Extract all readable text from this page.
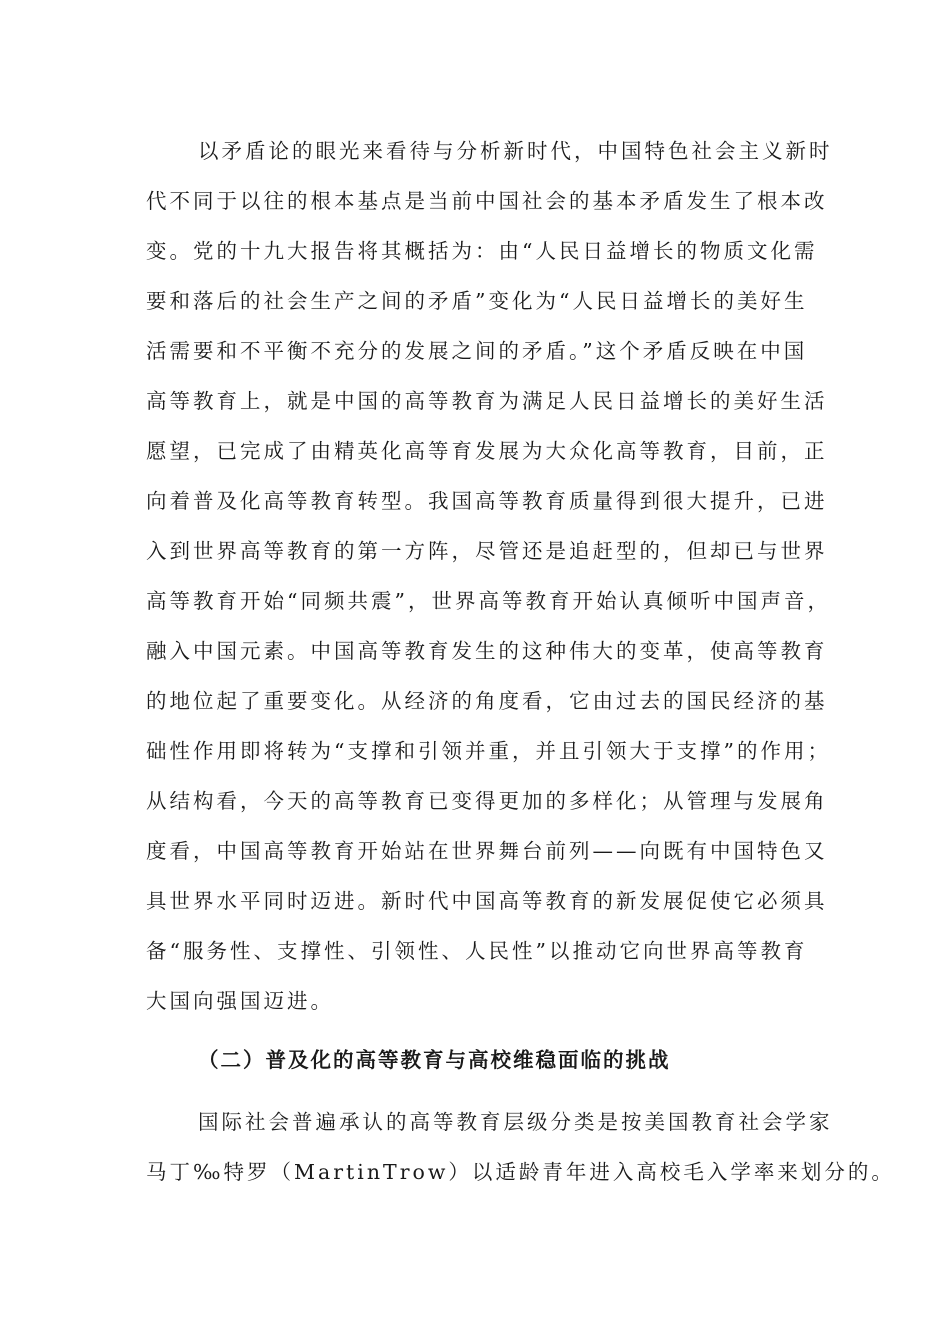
以矛盾论的眼光来看待与分析新时代，中国特色社会主义新时
代不同于以往的根本基点是当前中国社会的基本矛盾发生了根本改
变。党的十九大报告将其概括为：由“人民日益增长的物质文化需
要和落后的社会生产之间的矛盾”变化为“人民日益增长的美好生
活需要和不平衡不充分的发展之间的矛盾。”这个矛盾反映在中国
高等教育上，就是中国的高等教育为满足人民日益增长的美好生活
愿望，已完成了由精英化高等育发展为大众化高等教育，目前，正
向着普及化高等教育转型。我国高等教育质量得到很大提升，已进
入到世界高等教育的第一方阵，尽管还是追赶型的，但却已与世界
高等教育开始“同频共震”，世界高等教育开始认真倾听中国声音，
融入中国元素。中国高等教育发生的这种伟大的变革，使高等教育
的地位起了重要变化。从经济的角度看，它由过去的国民经济的基
础性作用即将转为“支撑和引领并重，并且引领大于支撑”的作用；
从结构看，今天的高等教育已变得更加的多样化；从管理与发展角
度看，中国高等教育开始站在世界舞台前列——向既有中国特色又
具世界水平同时迈进。新时代中国高等教育的新发展促使它必须具
备“服务性、支撑性、引领性、人民性”以推动它向世界高等教育
大国向强国迈进。
（二）普及化的高等教育与高校维稳面临的挑战
国际社会普遍承认的高等教育层级分类是按美国教育社会学家
马丁‰特罗（MartinTrow）以适龄青年进入高校毛入学率来划分的。
